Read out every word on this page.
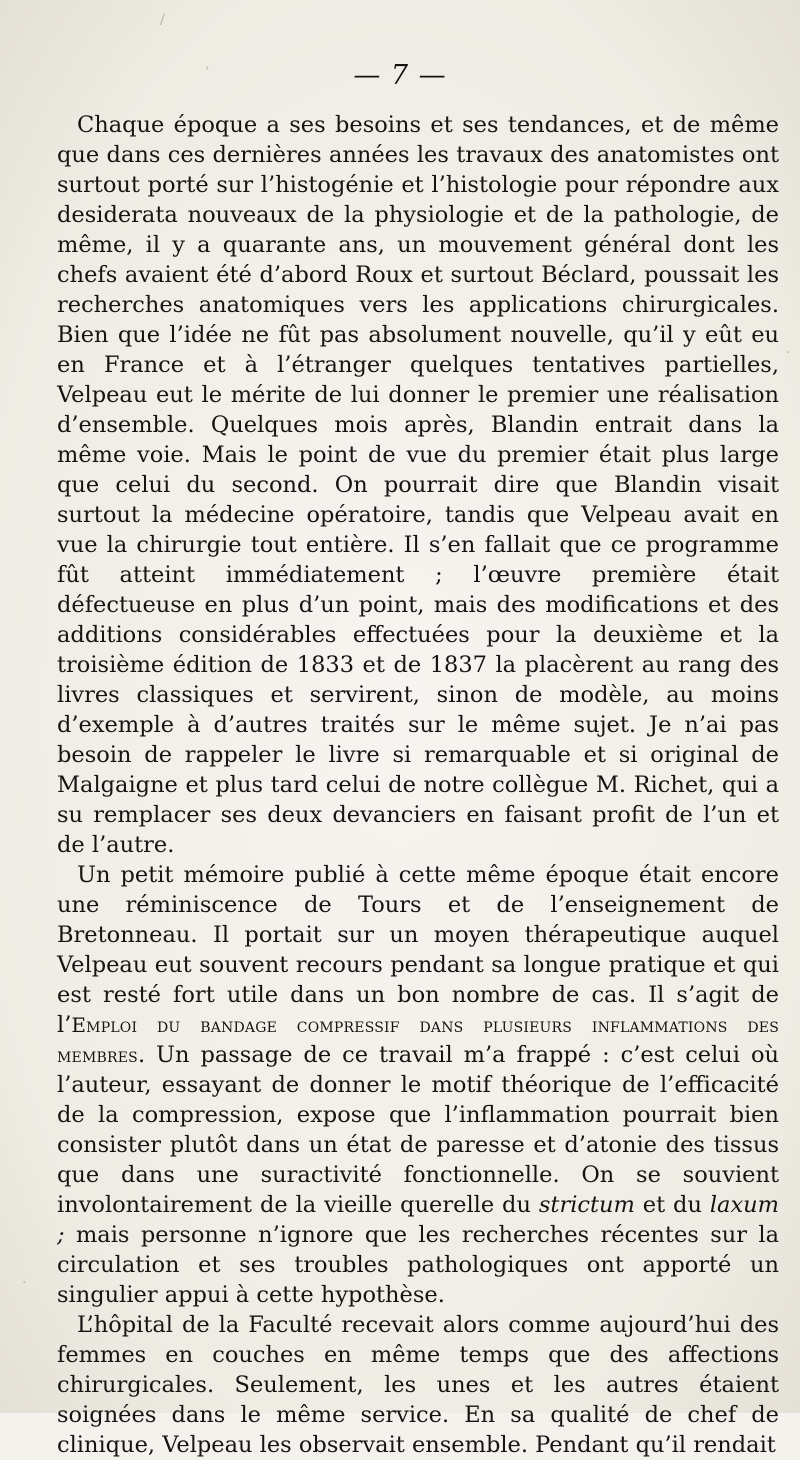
— 7 —

Chaque époque a ses besoins et ses tendances, et de même que dans ces dernières années les travaux des anatomistes ont surtout porté sur l’histogénie et l’histologie pour répondre aux desiderata nouveaux de la physiologie et de la pathologie, de même, il y a quarante ans, un mouvement général dont les chefs avaient été d’abord Roux et surtout Béclard, poussait les recherches anatomiques vers les applications chirurgicales. Bien que l’idée ne fût pas absolument nouvelle, qu’il y eût eu en France et à l’étranger quelques tentatives partielles, Velpeau eut le mérite de lui donner le premier une réalisation d’ensemble. Quelques mois après, Blandin entrait dans la même voie. Mais le point de vue du premier était plus large que celui du second. On pourrait dire que Blandin visait surtout la médecine opératoire, tandis que Velpeau avait en vue la chirurgie tout entière. Il s’en fallait que ce programme fût atteint immédiatement ; l’œuvre première était défectueuse en plus d’un point, mais des modifications et des additions considérables effectuées pour la deuxième et la troisième édition de 1833 et de 1837 la placèrent au rang des livres classiques et servirent, sinon de modèle, au moins d’exemple à d’autres traités sur le même sujet. Je n’ai pas besoin de rappeler le livre si remarquable et si original de Malgaigne et plus tard celui de notre collègue M. Richet, qui a su remplacer ses deux devanciers en faisant profit de l’un et de l’autre.

Un petit mémoire publié à cette même époque était encore une réminiscence de Tours et de l’enseignement de Bretonneau. Il portait sur un moyen thérapeutique auquel Velpeau eut souvent recours pendant sa longue pratique et qui est resté fort utile dans un bon nombre de cas. Il s’agit de l’Emploi du bandage compressif dans plusieurs inflammations des membres. Un passage de ce travail m’a frappé : c’est celui où l’auteur, essayant de donner le motif théorique de l’efficacité de la compression, expose que l’inflammation pourrait bien consister plutôt dans un état de paresse et d’atonie des tissus que dans une suractivité fonctionnelle. On se souvient involontairement de la vieille querelle du strictum et du laxum ; mais personne n’ignore que les recherches récentes sur la circulation et ses troubles pathologiques ont apporté un singulier appui à cette hypothèse.

L’hôpital de la Faculté recevait alors comme aujourd’hui des femmes en couches en même temps que des affections chirurgicales. Seulement, les unes et les autres étaient soignées dans le même service. En sa qualité de chef de clinique, Velpeau les observait ensemble. Pendant qu’il rendait

’
/
·
·
